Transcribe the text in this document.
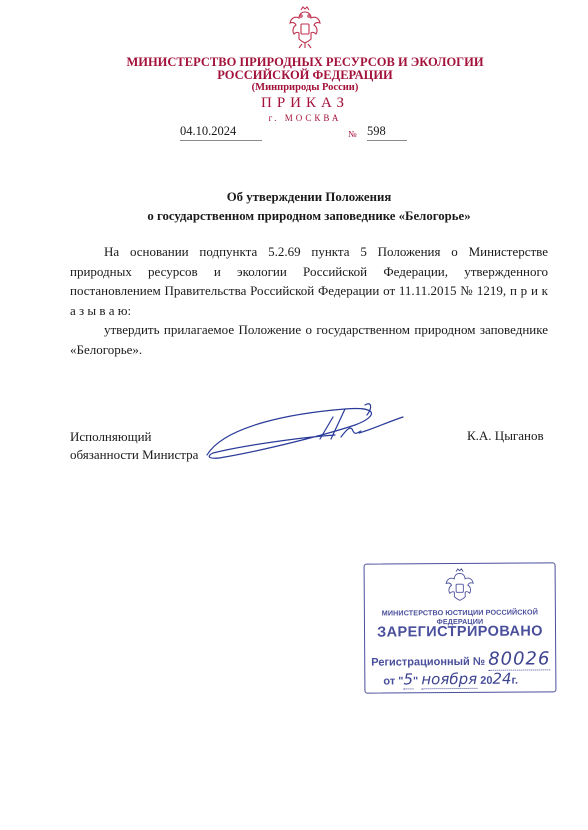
МИНИСТЕРСТВО ПРИРОДНЫХ РЕСУРСОВ И ЭКОЛОГИИ
РОССИЙСКОЙ ФЕДЕРАЦИИ
(Минприроды России)
ПРИКАЗ
г. МОСКВА
04.10.2024	№ 598
Об утверждении Положения
о государственном природном заповеднике «Белогорье»
На основании подпункта 5.2.69 пункта 5 Положения о Министерстве природных ресурсов и экологии Российской Федерации, утвержденного постановлением Правительства Российской Федерации от 11.11.2015 № 1219, п р и к а з ы в а ю:
утвердить прилагаемое Положение о государственном природном заповеднике «Белогорье».
Исполняющий
обязанности Министра
К.А. Цыганов
МИНИСТЕРСТВО ЮСТИЦИИ РОССИЙСКОЙ ФЕДЕРАЦИИ
ЗАРЕГИСТРИРОВАНО
Регистрационный № 80026
от "5" ноября 2024г.
